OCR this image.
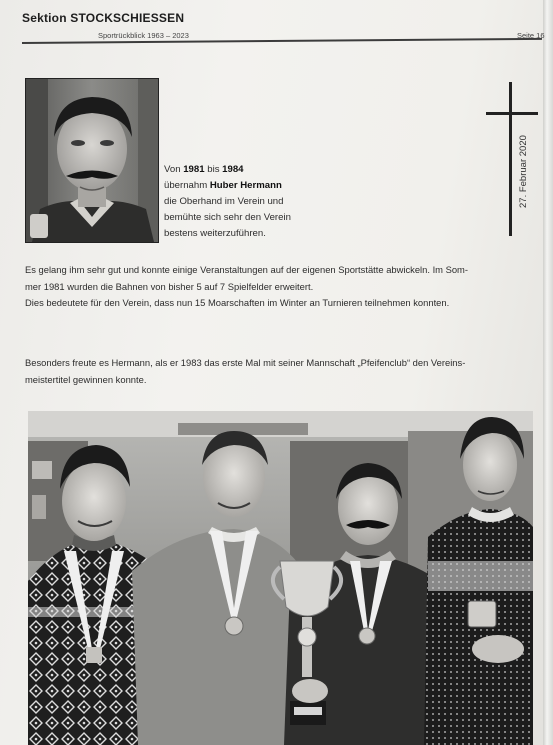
Sektion STOCKSCHIESSEN
Sportrückblick 1963 – 2023	Seite 16
Von 1981 bis 1984
übernahm Huber Hermann
die Oberhand im Verein und
bemühte sich sehr den Verein
bestens weiterzuführen.
27. Februar 2020
Es gelang ihm sehr gut und konnte einige Veranstaltungen auf der eigenen Sportstätte abwickeln. Im Som-
mer 1981 wurden die Bahnen von bisher 5 auf 7 Spielfelder erweitert.
Dies bedeutete für den Verein, dass nun 15 Moarschaften im Winter an Turnieren teilnehmen konnten.
Besonders freute es Hermann, als er 1983 das erste Mal mit seiner Mannschaft „Pfeifenclub“ den Vereins-
meistertitel gewinnen konnte.
